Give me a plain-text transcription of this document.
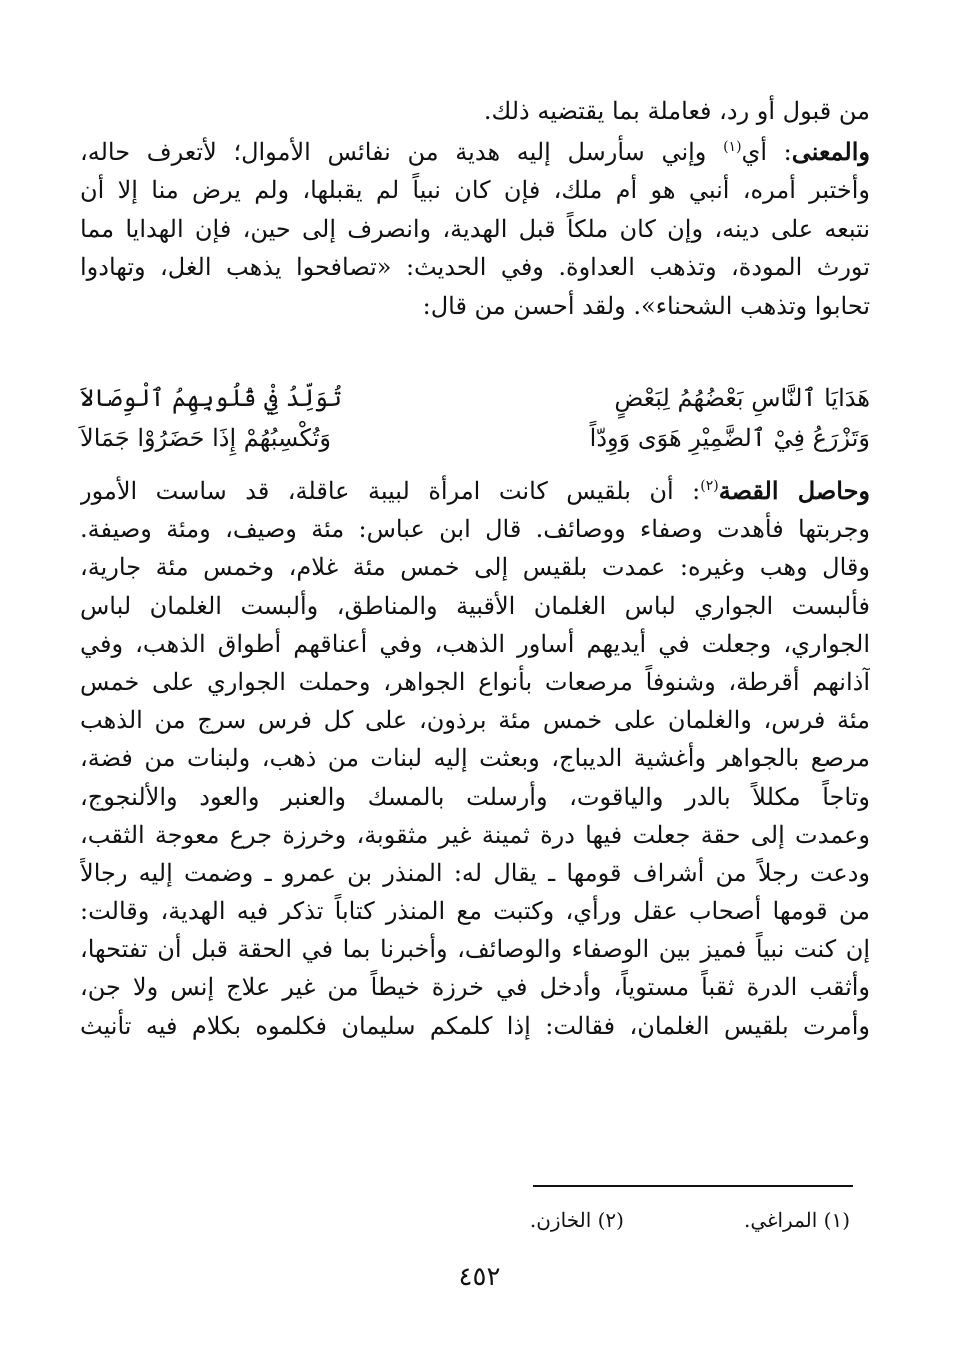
من قبول أو رد، فعاملة بما يقتضيه ذلك.
والمعنى: أي$^{(١)}$ وإني سأرسل إليه هدية من نفائس الأموال؛ لأتعرف حاله،
وأختبر أمره، أنبي هو أم ملك، فإن كان نبياً لم يقبلها، ولم يرض منا إلا أن
نتبعه على دينه، وإن كان ملكاً قبل الهدية، وانصرف إلى حين، فإن الهدايا مما
تورث المودة، وتذهب العداوة. وفي الحديث: «تصافحوا يذهب الغل، وتهادوا
تحابوا وتذهب الشحناء». ولقد أحسن من قال:
هَدَايَا ٱلنَّاسِ بَعْضُهُمُ لِبَعْضٍ
تُوَلِّدُ فِيْ قُلُوبِهِمُ ٱلْوِصَالاَ
وَتَزْرَعُ فِيْ ٱلضَّمِيْرِ هَوَى وَوِدّاً
وَتُكْسِبُهُمْ إِذَا حَضَرُوْا جَمَالاَ
وحاصل القصة$^{(٢)}$: أن بلقيس كانت امرأة لبيبة عاقلة، قد ساست الأمور
وجربتها فأهدت وصفاء ووصائف. قال ابن عباس: مئة وصيف، ومئة وصيفة.
وقال وهب وغيره: عمدت بلقيس إلى خمس مئة غلام، وخمس مئة جارية،
فألبست الجواري لباس الغلمان الأقبية والمناطق، وألبست الغلمان لباس
الجواري، وجعلت في أيديهم أساور الذهب، وفي أعناقهم أطواق الذهب، وفي
آذانهم أقرطة، وشنوفاً مرصعات بأنواع الجواهر، وحملت الجواري على خمس
مئة فرس، والغلمان على خمس مئة برذون، على كل فرس سرج من الذهب
مرصع بالجواهر وأغشية الديباج، وبعثت إليه لبنات من ذهب، ولبنات من فضة،
وتاجاً مكللاً بالدر والياقوت، وأرسلت بالمسك والعنبر والعود والألنجوج،
وعمدت إلى حقة جعلت فيها درة ثمينة غير مثقوبة، وخرزة جرع معوجة الثقب،
ودعت رجلاً من أشراف قومها ـ يقال له: المنذر بن عمرو ـ وضمت إليه رجالاً
من قومها أصحاب عقل ورأي، وكتبت مع المنذر كتاباً تذكر فيه الهدية، وقالت:
إن كنت نبياً فميز بين الوصفاء والوصائف، وأخبرنا بما في الحقة قبل أن تفتحها،
وأثقب الدرة ثقباً مستوياً، وأدخل في خرزة خيطاً من غير علاج إنس ولا جن،
وأمرت بلقيس الغلمان، فقالت: إذا كلمكم سليمان فكلموه بكلام فيه تأنيث
(١) المراغي.
(٢) الخازن.
٤٥٢
